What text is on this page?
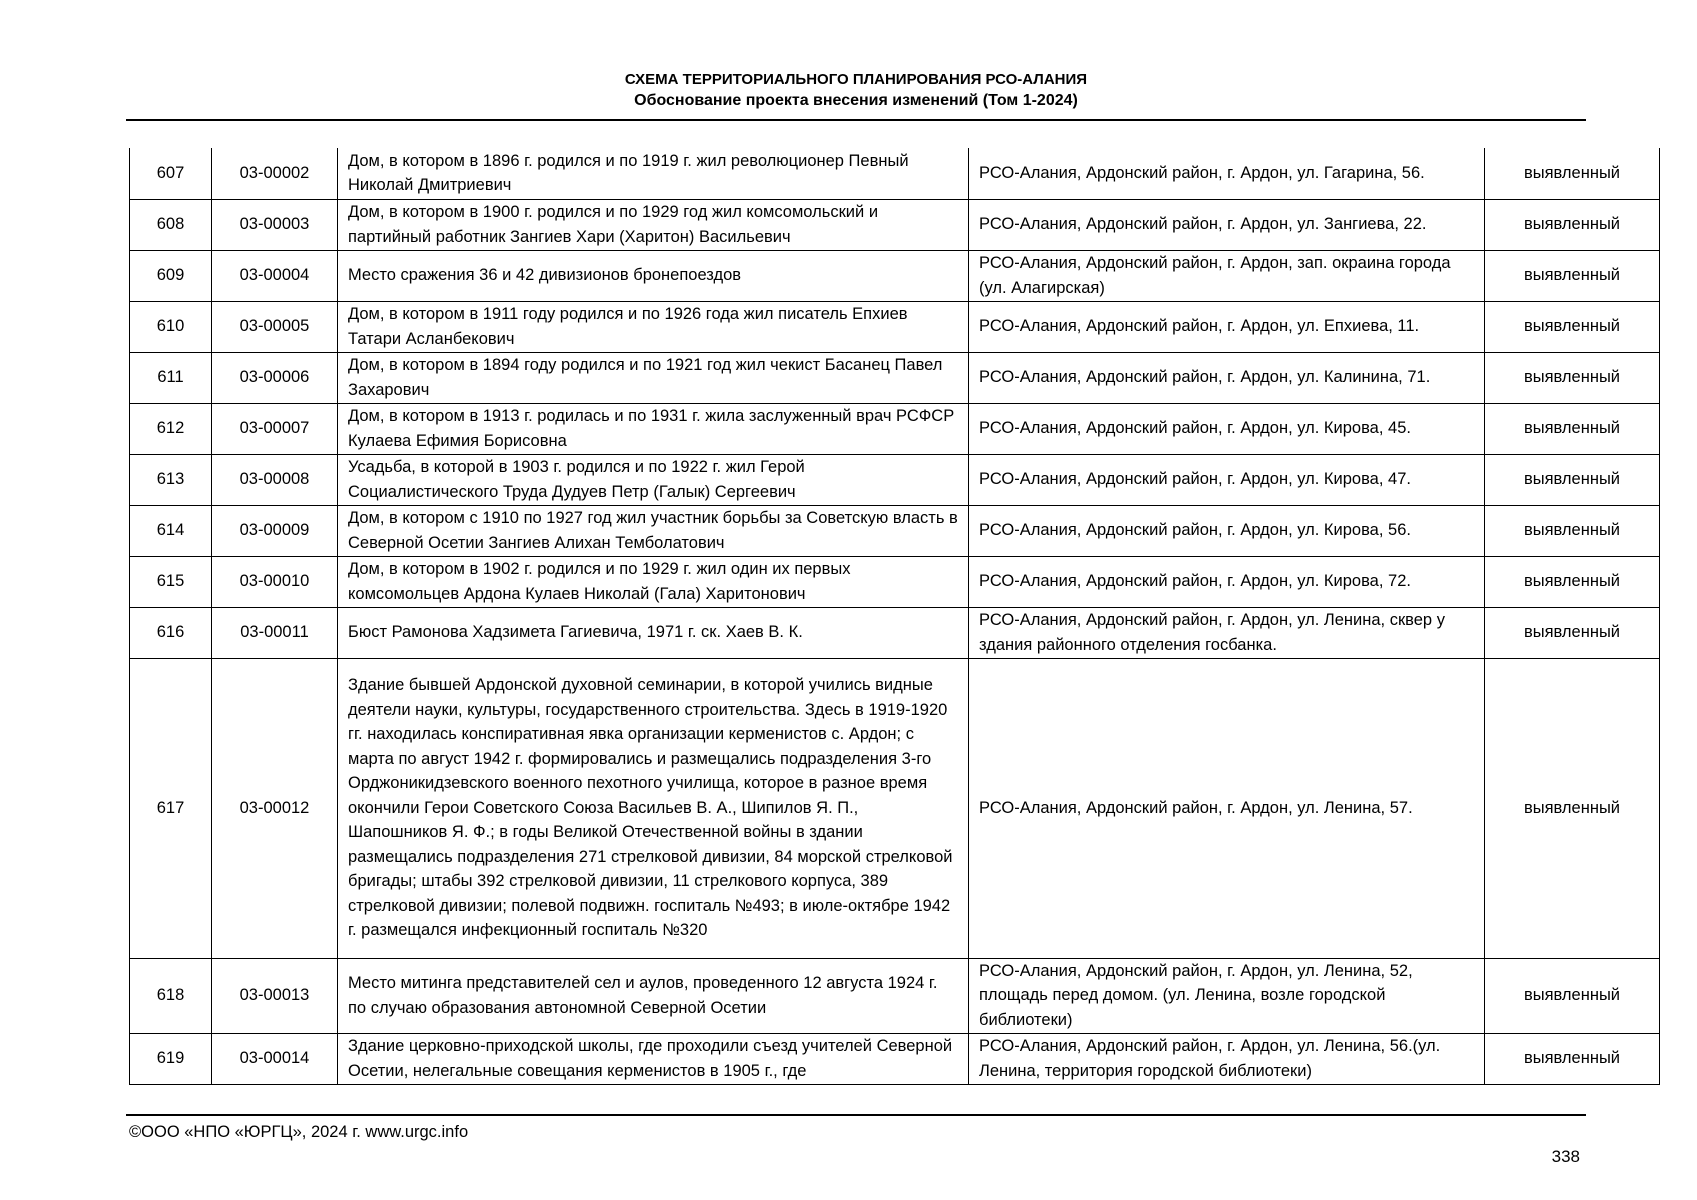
СХЕМА ТЕРРИТОРИАЛЬНОГО ПЛАНИРОВАНИЯ РСО-АЛАНИЯ
Обоснование проекта внесения изменений (Том 1-2024)
607	03-00002	Дом, в котором в 1896 г. родился и по 1919 г. жил революционер Певный Николай Дмитриевич	РСО-Алания, Ардонский район, г. Ардон, ул. Гагарина, 56.	выявленный
608	03-00003	Дом, в котором в 1900 г. родился и по 1929 год жил комсомольский и партийный работник Зангиев Хари (Харитон) Васильевич	РСО-Алания, Ардонский район, г. Ардон, ул. Зангиева, 22.	выявленный
609	03-00004	Место сражения 36 и 42 дивизионов бронепоездов	РСО-Алания, Ардонский район, г. Ардон, зап. окраина города (ул. Алагирская)	выявленный
610	03-00005	Дом, в котором в 1911 году родился и по 1926 года жил писатель Епхиев Татари Асланбекович	РСО-Алания, Ардонский район, г. Ардон, ул. Епхиева, 11.	выявленный
611	03-00006	Дом, в котором в 1894 году родился и по 1921 год жил чекист Басанец Павел Захарович	РСО-Алания, Ардонский район, г. Ардон, ул. Калинина, 71.	выявленный
612	03-00007	Дом, в котором в 1913 г. родилась и по 1931 г. жила заслуженный врач РСФСР Кулаева Ефимия Борисовна	РСО-Алания, Ардонский район, г. Ардон, ул. Кирова, 45.	выявленный
613	03-00008	Усадьба, в которой в 1903 г. родился и по 1922 г. жил Герой Социалистического Труда Дудуев Петр (Галык) Сергеевич	РСО-Алания, Ардонский район, г. Ардон, ул. Кирова, 47.	выявленный
614	03-00009	Дом, в котором с 1910 по 1927 год жил участник борьбы за Советскую власть в Северной Осетии Зангиев Алихан Темболатович	РСО-Алания, Ардонский район, г. Ардон, ул. Кирова, 56.	выявленный
615	03-00010	Дом, в котором в 1902 г. родился и по 1929 г. жил один их первых комсомольцев Ардона Кулаев Николай (Гала) Харитонович	РСО-Алания, Ардонский район, г. Ардон, ул. Кирова, 72.	выявленный
616	03-00011	Бюст Рамонова Хадзимета Гагиевича, 1971 г. ск. Хаев В. К.	РСО-Алания, Ардонский район, г. Ардон, ул. Ленина, сквер у здания районного отделения госбанка.	выявленный
617	03-00012	Здание бывшей Ардонской духовной семинарии, в которой учились видные деятели науки, культуры, государственного строительства. Здесь в 1919-1920 гг. находилась конспиративная явка организации керменистов с. Ардон; с марта по август 1942 г. формировались и размещались подразделения 3-го Орджоникидзевского военного пехотного училища, которое в разное время окончили Герои Советского Союза Васильев В. А., Шипилов Я. П., Шапошников Я. Ф.; в годы Великой Отечественной войны в здании размещались подразделения 271 стрелковой дивизии, 84 морской стрелковой бригады; штабы 392 стрелковой дивизии, 11 стрелкового корпуса, 389 стрелковой дивизии; полевой подвижн. госпиталь №493; в июле-октябре 1942 г. размещался инфекционный госпиталь №320	РСО-Алания, Ардонский район, г. Ардон, ул. Ленина, 57.	выявленный
618	03-00013	Место митинга представителей сел и аулов, проведенного 12 августа 1924 г. по случаю образования автономной Северной Осетии	РСО-Алания, Ардонский район, г. Ардон, ул. Ленина, 52, площадь перед домом. (ул. Ленина, возле городской библиотеки)	выявленный
619	03-00014	Здание церковно-приходской школы, где проходили съезд учителей Северной Осетии, нелегальные совещания керменистов в 1905 г., где	РСО-Алания, Ардонский район, г. Ардон, ул. Ленина, 56.(ул. Ленина, территория городской библиотеки)	выявленный
©ООО «НПО «ЮРГЦ», 2024 г. www.urgc.info
338
